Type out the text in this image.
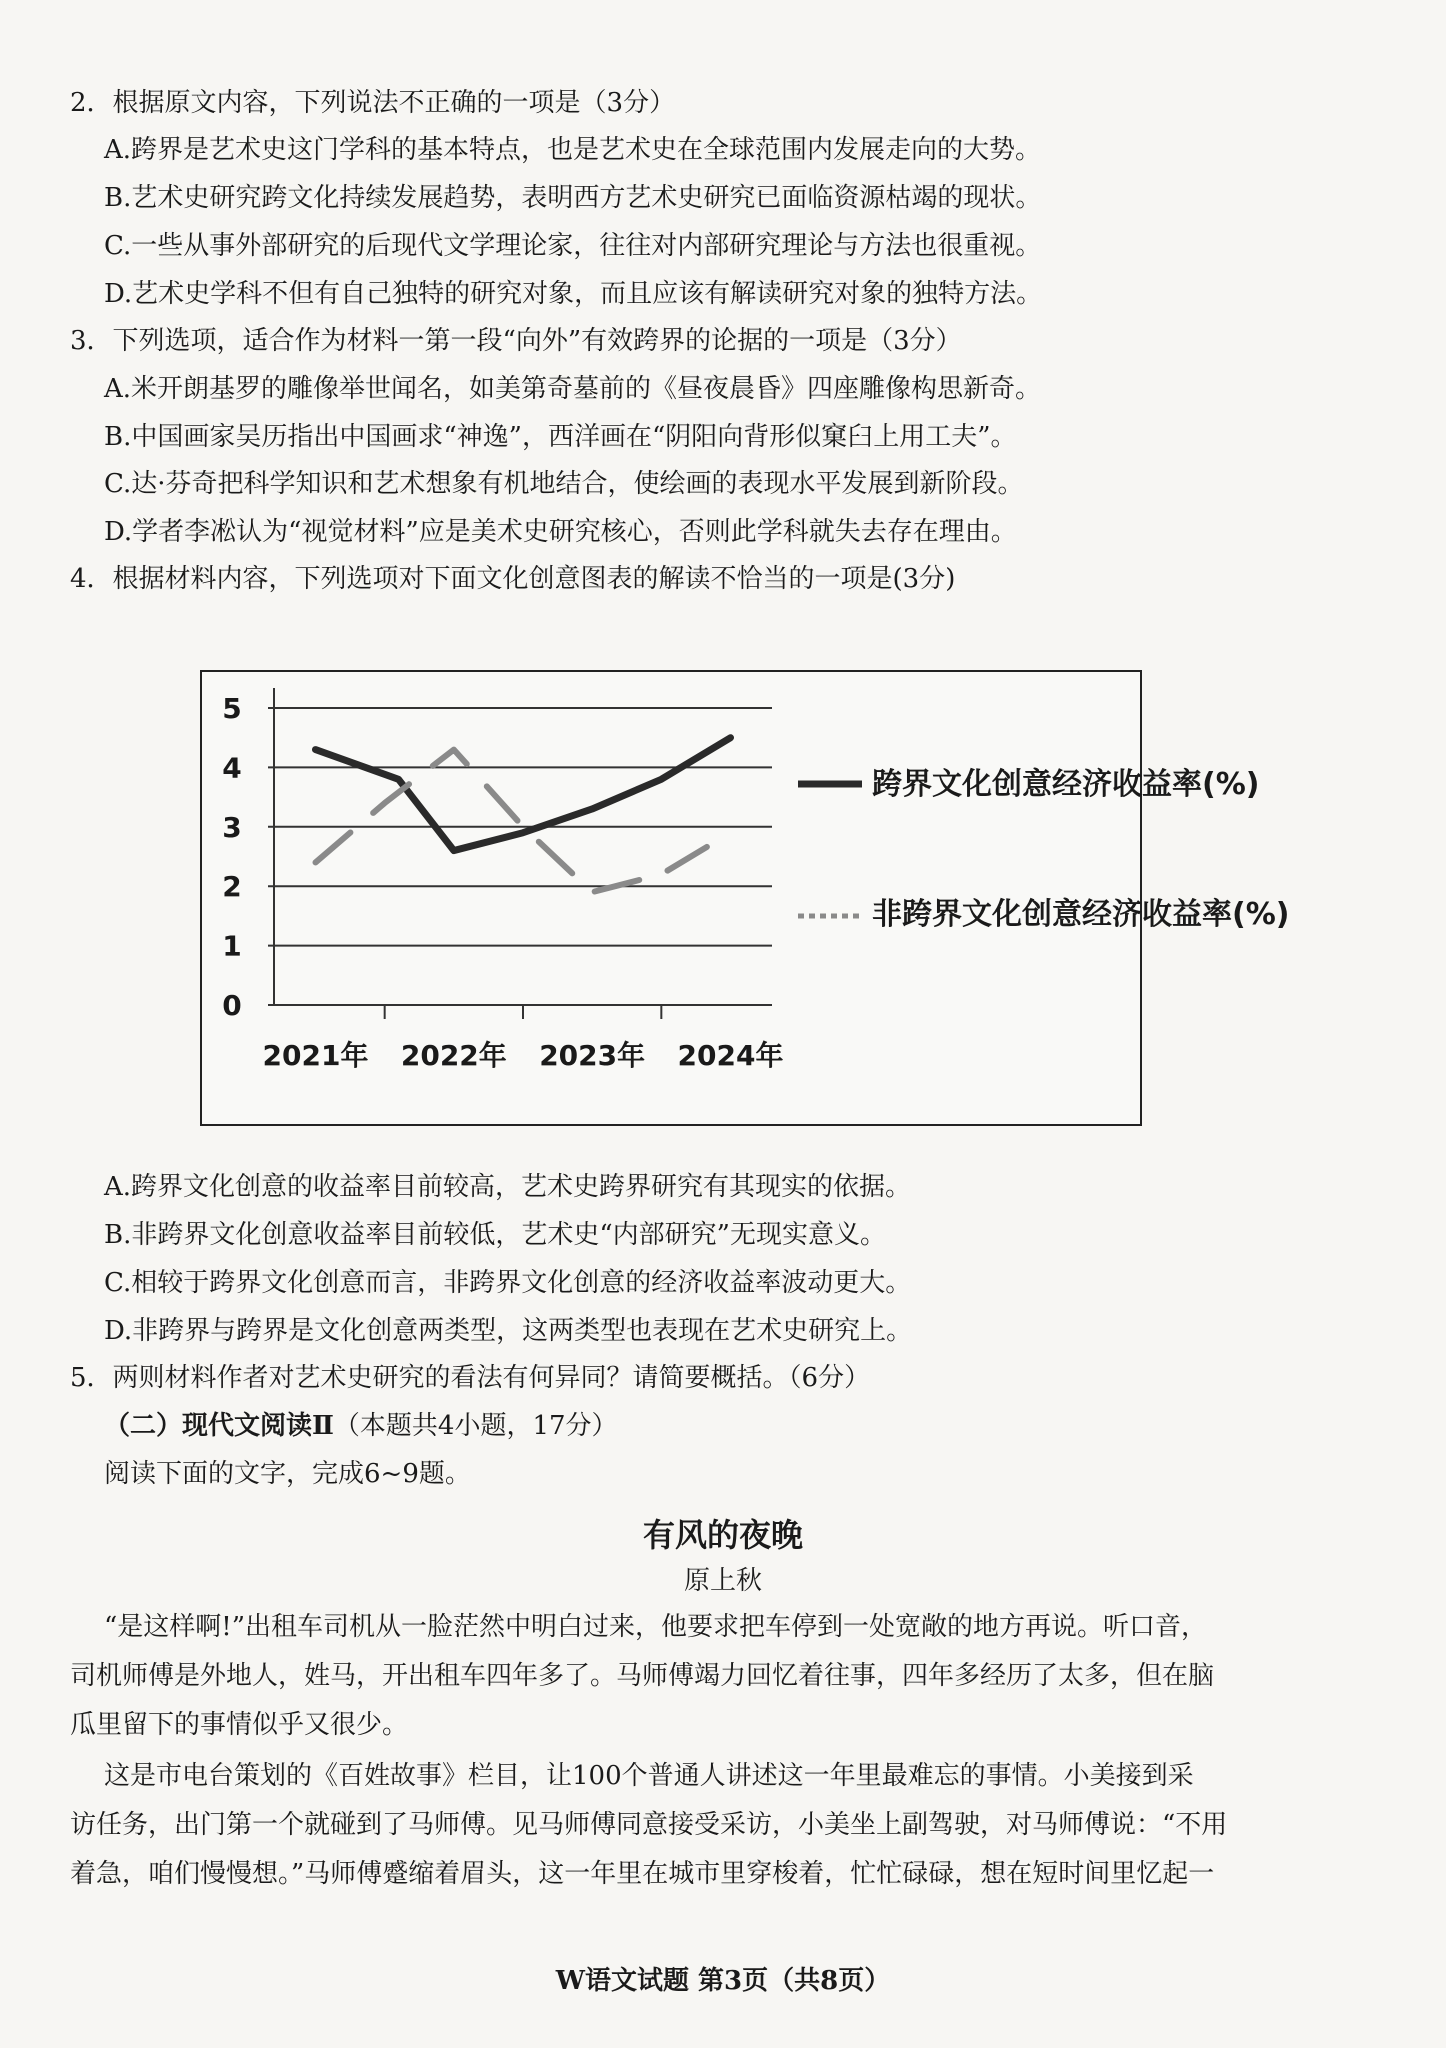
2．根据原文内容，下列说法不正确的一项是（3分）
A.跨界是艺术史这门学科的基本特点，也是艺术史在全球范围内发展走向的大势。
B.艺术史研究跨文化持续发展趋势，表明西方艺术史研究已面临资源枯竭的现状。
C.一些从事外部研究的后现代文学理论家，往往对内部研究理论与方法也很重视。
D.艺术史学科不但有自己独特的研究对象，而且应该有解读研究对象的独特方法。
3．下列选项，适合作为材料一第一段“向外”有效跨界的论据的一项是（3分）
A.米开朗基罗的雕像举世闻名，如美第奇墓前的《昼夜晨昏》四座雕像构思新奇。
B.中国画家吴历指出中国画求“神逸”，西洋画在“阴阳向背形似窠臼上用工夫”。
C.达·芬奇把科学知识和艺术想象有机地结合，使绘画的表现水平发展到新阶段。
D.学者李凇认为“视觉材料”应是美术史研究核心，否则此学科就失去存在理由。
4．根据材料内容，下列选项对下面文化创意图表的解读不恰当的一项是(3分)
0
1
2
3
4
5
2021年 2022年 2023年 2024年
跨界文化创意经济收益率(%)
非跨界文化创意经济收益率(%)
A.跨界文化创意的收益率目前较高，艺术史跨界研究有其现实的依据。
B.非跨界文化创意收益率目前较低，艺术史“内部研究”无现实意义。
C.相较于跨界文化创意而言，非跨界文化创意的经济收益率波动更大。
D.非跨界与跨界是文化创意两类型，这两类型也表现在艺术史研究上。
5．两则材料作者对艺术史研究的看法有何异同？请简要概括。（6分）
（二）现代文阅读Ⅱ（本题共4小题，17分）
阅读下面的文字，完成6~9题。
有风的夜晚
原上秋
“是这样啊!”出租车司机从一脸茫然中明白过来，他要求把车停到一处宽敞的地方再说。听口音，
司机师傅是外地人，姓马，开出租车四年多了。马师傅竭力回忆着往事，四年多经历了太多，但在脑
瓜里留下的事情似乎又很少。
这是市电台策划的《百姓故事》栏目，让100个普通人讲述这一年里最难忘的事情。小美接到采
访任务，出门第一个就碰到了马师傅。见马师傅同意接受采访，小美坐上副驾驶，对马师傅说：“不用
着急，咱们慢慢想。”马师傅蹙缩着眉头，这一年里在城市里穿梭着，忙忙碌碌，想在短时间里忆起一
W语文试题 第3页（共8页）
